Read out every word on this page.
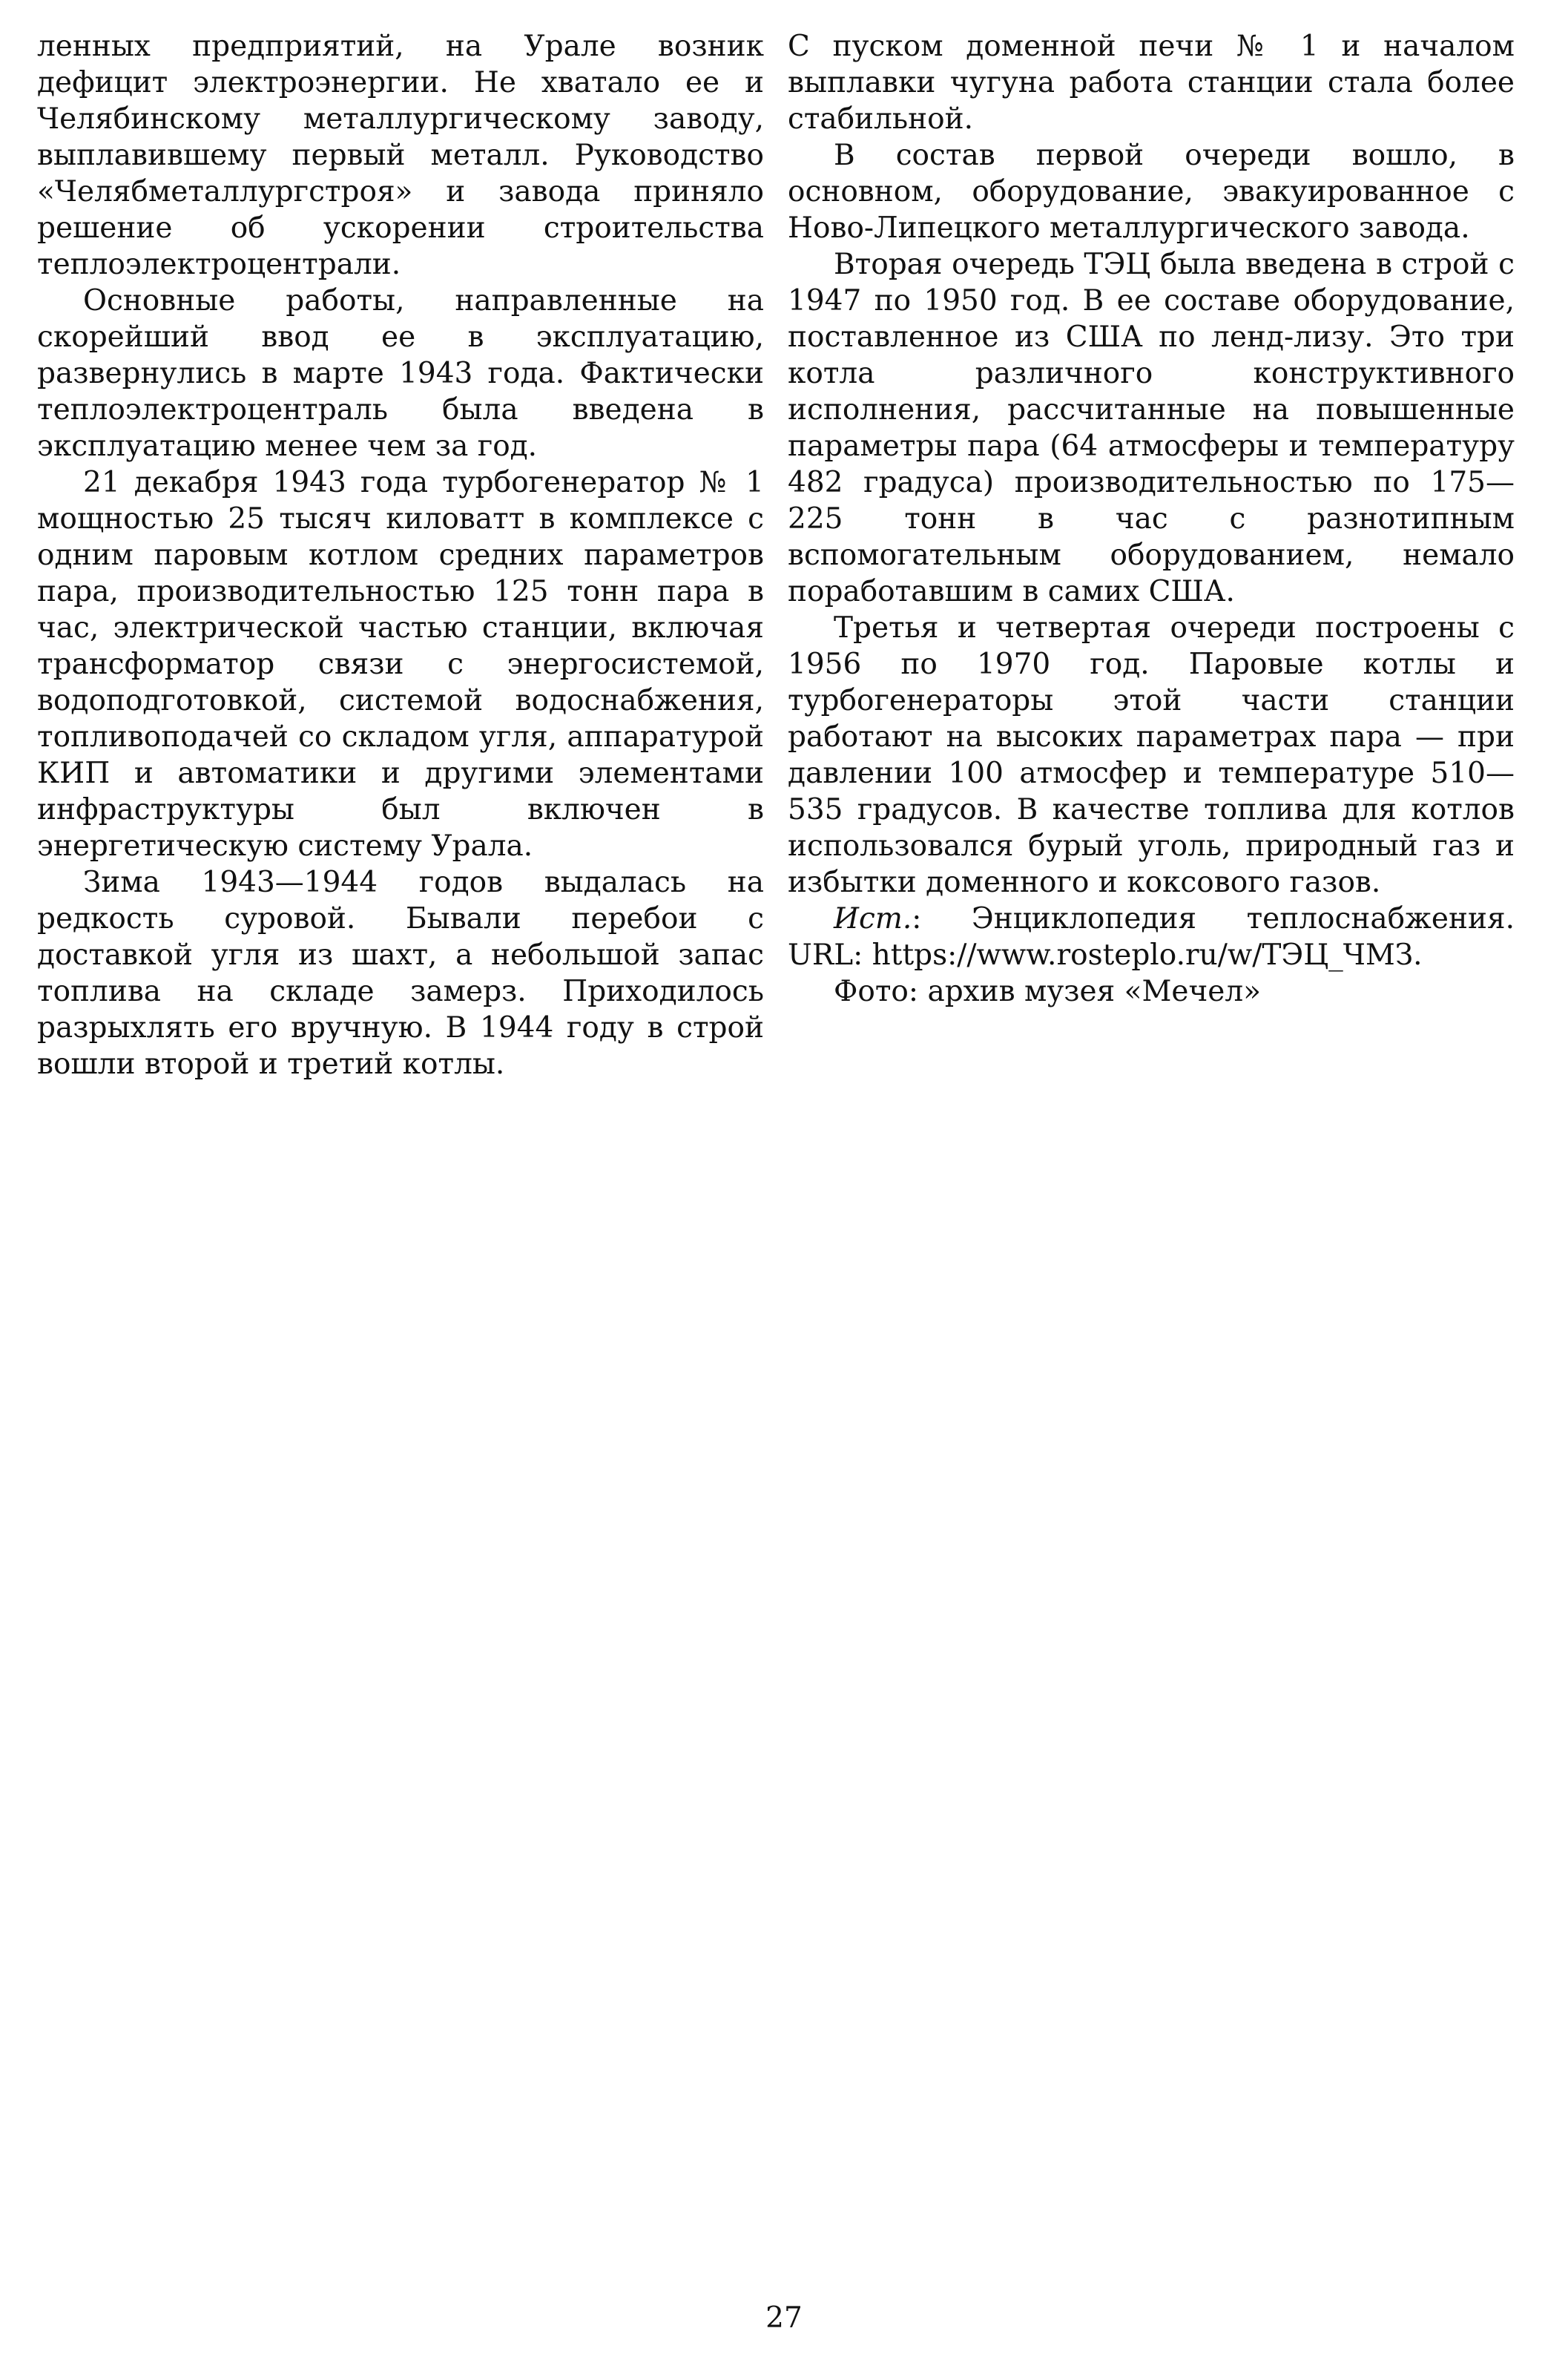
ленных предприятий, на Урале возник дефицит электроэнергии. Не хватало ее и Челябинскому металлургическому заводу, выплавившему первый металл. Руководство «Челябметаллургстроя» и завода приняло решение об ускорении строительства теплоэлектроцентрали.

Основные работы, направленные на скорейший ввод ее в эксплуатацию, развернулись в марте 1943 года. Фактически теплоэлектроцентраль была введена в эксплуатацию менее чем за год.

21 декабря 1943 года турбогенератор № 1 мощностью 25 тысяч киловатт в комплексе с одним паровым котлом средних параметров пара, производительностью 125 тонн пара в час, электрической частью станции, включая трансформатор связи с энергосистемой, водоподготовкой, системой водоснабжения, топливоподачей со складом угля, аппаратурой КИП и автоматики и другими элементами инфраструктуры был включен в энергетическую систему Урала.

Зима 1943—1944 годов выдалась на редкость суровой. Бывали перебои с доставкой угля из шахт, а небольшой запас топлива на складе замерз. Приходилось разрыхлять его вручную. В 1944 году в строй вошли второй и третий котлы.

С пуском доменной печи № 1 и началом выплавки чугуна работа станции стала более стабильной.

В состав первой очереди вошло, в основном, оборудование, эвакуированное с Ново-Липецкого металлургического завода.

Вторая очередь ТЭЦ была введена в строй с 1947 по 1950 год. В ее составе оборудование, поставленное из США по ленд-лизу. Это три котла различного конструктивного исполнения, рассчитанные на повышенные параметры пара (64 атмосферы и температуру 482 градуса) производительностью по 175—225 тонн в час с разнотипным вспомогательным оборудованием, немало поработавшим в самих США.

Третья и четвертая очереди построены с 1956 по 1970 год. Паровые котлы и турбогенераторы этой части станции работают на высоких параметрах пара — при давлении 100 атмосфер и температуре 510—535 градусов. В качестве топлива для котлов использовался бурый уголь, природный газ и избытки доменного и коксового газов.

Ист.: Энциклопедия теплоснабжения. URL: https://www.rosteplo.ru/w/ТЭЦ_ЧМЗ.

Фото: архив музея «Мечел»

27
